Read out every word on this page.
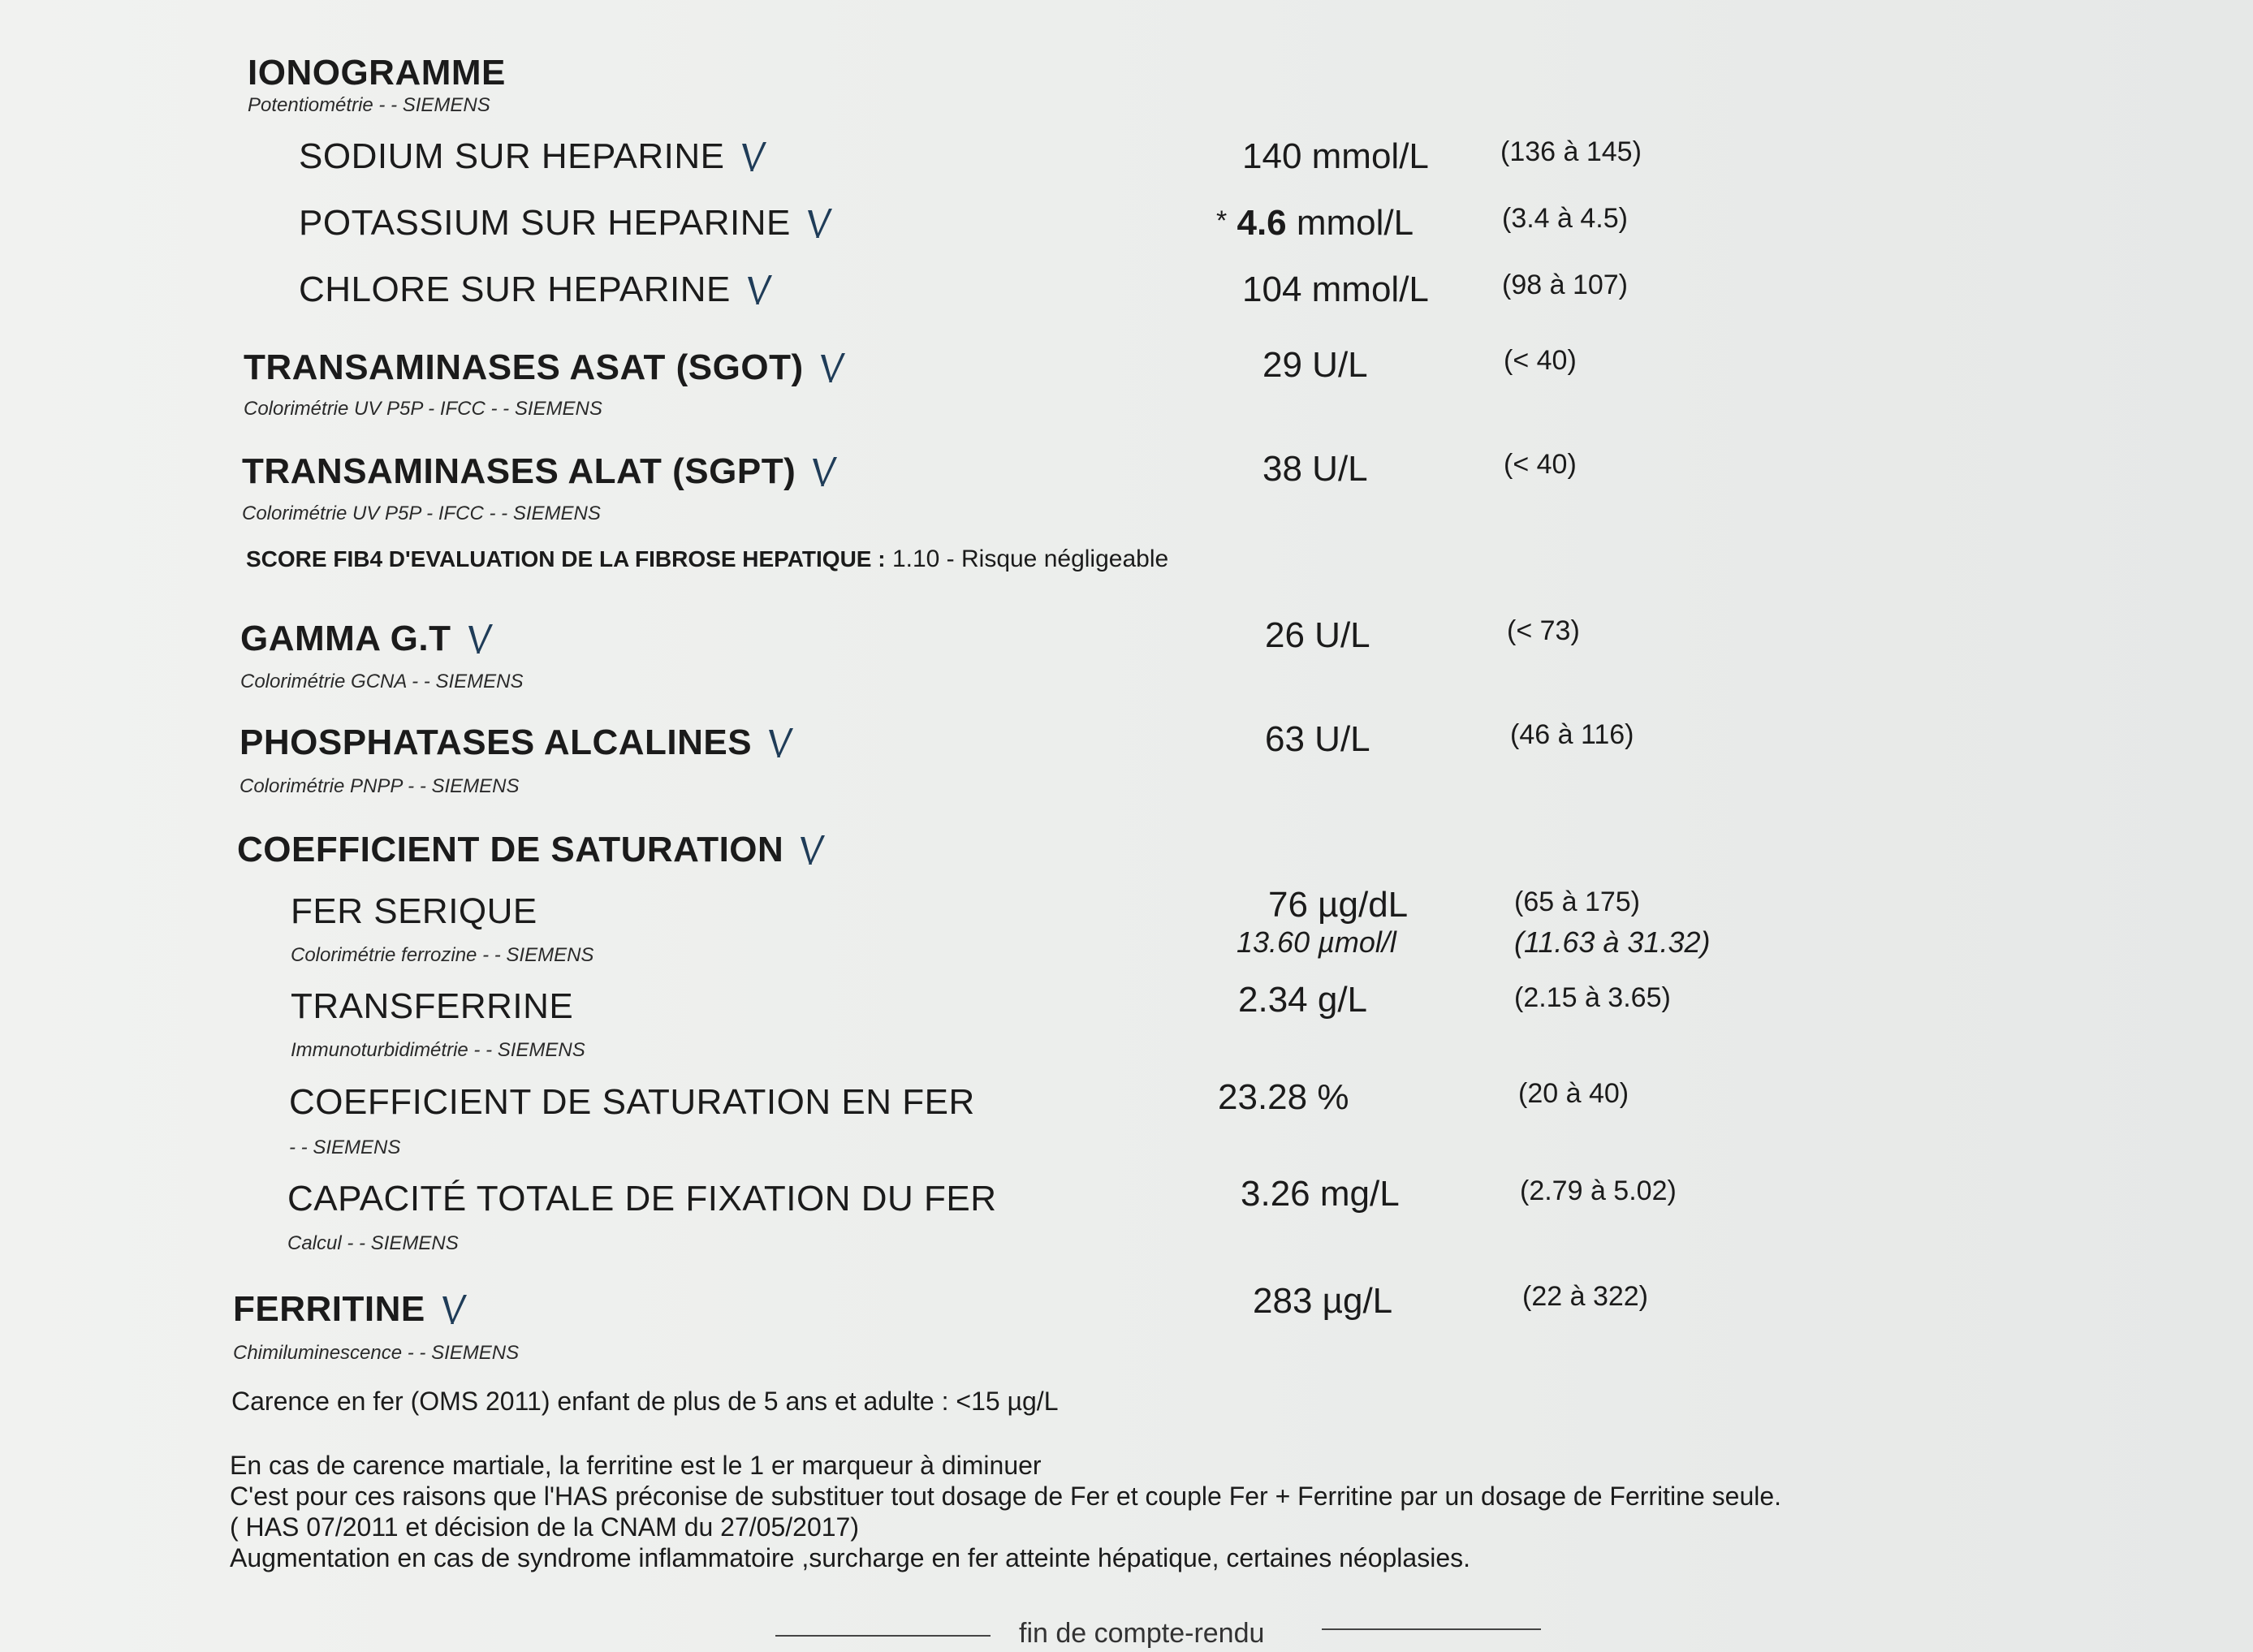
IONOGRAMME
Potentiométrie - - SIEMENS
SODIUM SUR HEPARINE	140 mmol/L	(136 à 145)
POTASSIUM SUR HEPARINE	* 4.6 mmol/L	(3.4 à 4.5)
CHLORE SUR HEPARINE	104 mmol/L	(98 à 107)
TRANSAMINASES ASAT (SGOT)
Colorimétrie UV P5P - IFCC - - SIEMENS
29 U/L	(< 40)
TRANSAMINASES ALAT (SGPT)
Colorimétrie UV P5P - IFCC - - SIEMENS
38 U/L	(< 40)
SCORE FIB4 D'EVALUATION DE LA FIBROSE HEPATIQUE : 1.10 - Risque négligeable
GAMMA G.T
Colorimétrie GCNA - - SIEMENS
26 U/L	(< 73)
PHOSPHATASES ALCALINES
Colorimétrie PNPP - - SIEMENS
63 U/L	(46 à 116)
COEFFICIENT DE SATURATION
FER SERIQUE
Colorimétrie ferrozine - - SIEMENS
76 µg/dL	(65 à 175)
13.60 µmol/l	(11.63 à 31.32)
TRANSFERRINE
Immunoturbidimétrie - - SIEMENS
2.34 g/L	(2.15 à 3.65)
COEFFICIENT DE SATURATION EN FER
- - SIEMENS
23.28 %	(20 à 40)
CAPACITÉ TOTALE DE FIXATION DU FER
Calcul - - SIEMENS
3.26 mg/L	(2.79 à 5.02)
FERRITINE
Chimiluminescence - - SIEMENS
283 µg/L	(22 à 322)
Carence en fer (OMS 2011) enfant de plus de 5 ans et adulte : <15 µg/L
En cas de carence martiale, la ferritine est le 1 er marqueur à diminuer
C'est pour ces raisons que l'HAS préconise de substituer tout dosage de Fer et couple Fer + Ferritine par un dosage de Ferritine seule.
( HAS 07/2011 et décision de la CNAM du 27/05/2017)
Augmentation en cas de syndrome inflammatoire ,surcharge en fer atteinte hépatique, certaines néoplasies.
fin de compte-rendu
